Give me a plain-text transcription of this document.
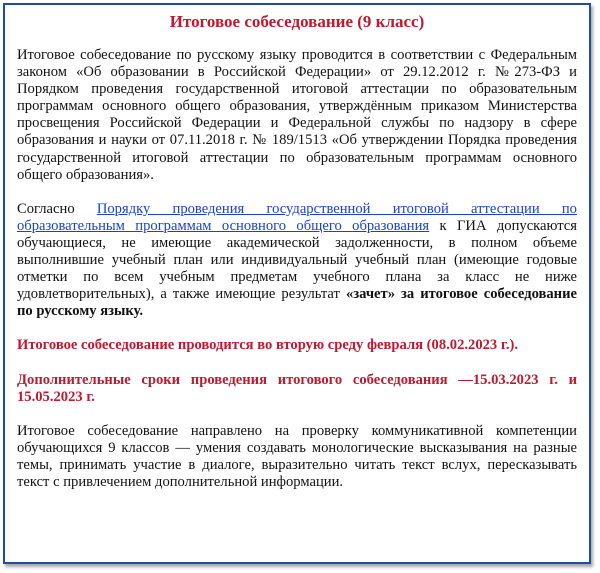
Итоговое собеседование (9 класс)

Итоговое собеседование по русскому языку проводится в соответствии с Федеральным законом «Об образовании в Российской Федерации» от 29.12.2012 г. №273-ФЗ и Порядком проведения государственной итоговой аттестации по образовательным программам основного общего образования, утверждённым приказом Министерства просвещения Российской Федерации и Федеральной службы по надзору в сфере образования и науки от 07.11.2018 г. № 189/1513 «Об утверждении Порядка проведения государственной итоговой аттестации по образовательным программам основного общего образования».

Согласно Порядку проведения государственной итоговой аттестации по образовательным программам основного общего образования к ГИА допускаются обучающиеся, не имеющие академической задолженности, в полном объеме выполнившие учебный план или индивидуальный учебный план (имеющие годовые отметки по всем учебным предметам учебного плана за класс не ниже удовлетворительных), а также имеющие результат «зачет» за итоговое собеседование по русскому языку.

Итоговое собеседование проводится во вторую среду февраля (08.02.2023 г.).

Дополнительные сроки проведения итогового собеседования —15.03.2023 г. и 15.05.2023 г.

Итоговое собеседование направлено на проверку коммуникативной компетенции обучающихся 9 классов — умения создавать монологические высказывания на разные темы, принимать участие в диалоге, выразительно читать текст вслух, пересказывать текст с привлечением дополнительной информации.
